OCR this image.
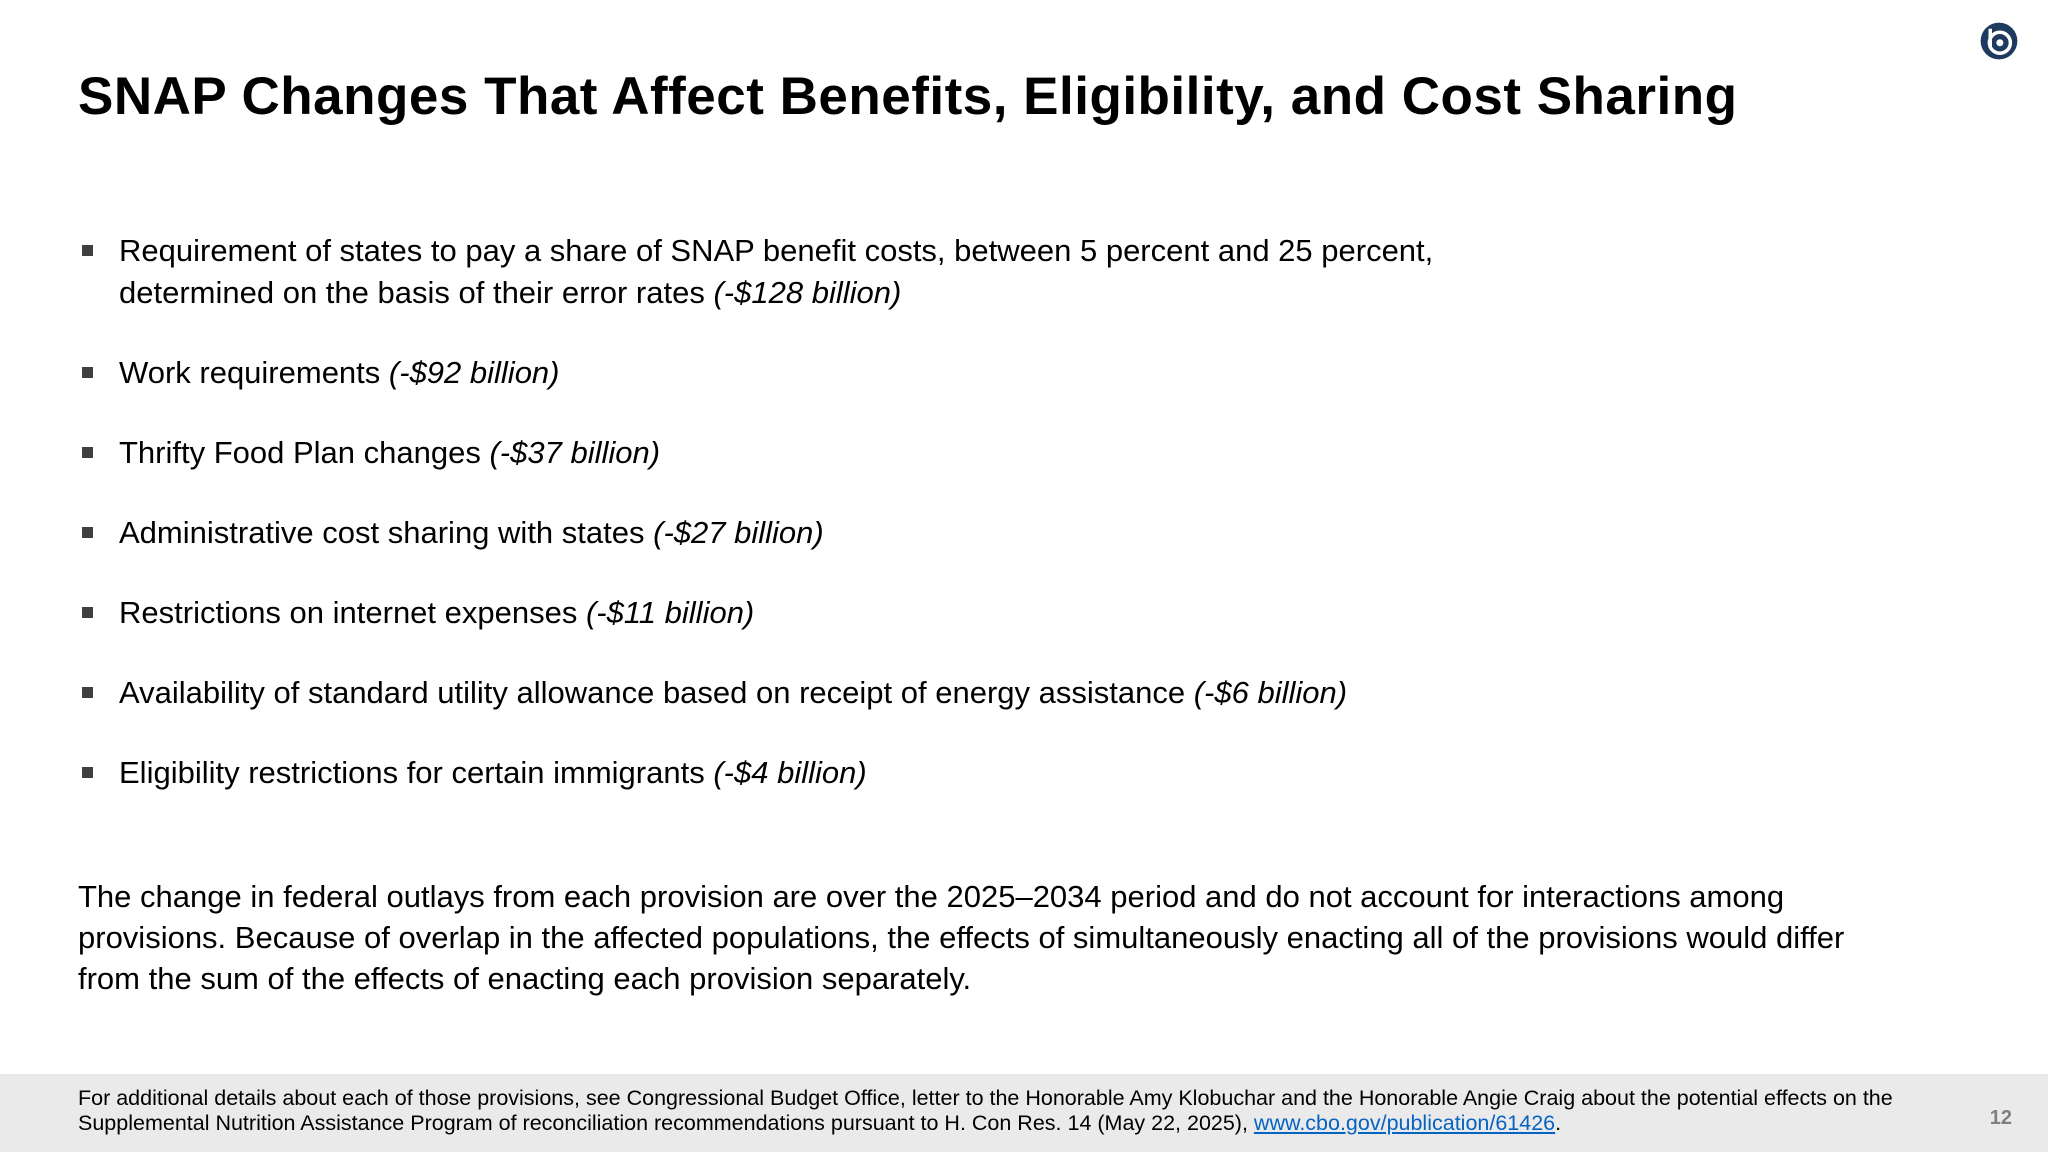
SNAP Changes That Affect Benefits, Eligibility, and Cost Sharing
Requirement of states to pay a share of SNAP benefit costs, between 5 percent and 25 percent, determined on the basis of their error rates (-$128 billion)
Work requirements (-$92 billion)
Thrifty Food Plan changes (-$37 billion)
Administrative cost sharing with states (-$27 billion)
Restrictions on internet expenses (-$11 billion)
Availability of standard utility allowance based on receipt of energy assistance (-$6 billion)
Eligibility restrictions for certain immigrants (-$4 billion)

The change in federal outlays from each provision are over the 2025–2034 period and do not account for interactions among provisions. Because of overlap in the affected populations, the effects of simultaneously enacting all of the provisions would differ from the sum of the effects of enacting each provision separately.

For additional details about each of those provisions, see Congressional Budget Office, letter to the Honorable Amy Klobuchar and the Honorable Angie Craig about the potential effects on the Supplemental Nutrition Assistance Program of reconciliation recommendations pursuant to H. Con Res. 14 (May 22, 2025), www.cbo.gov/publication/61426.	12
